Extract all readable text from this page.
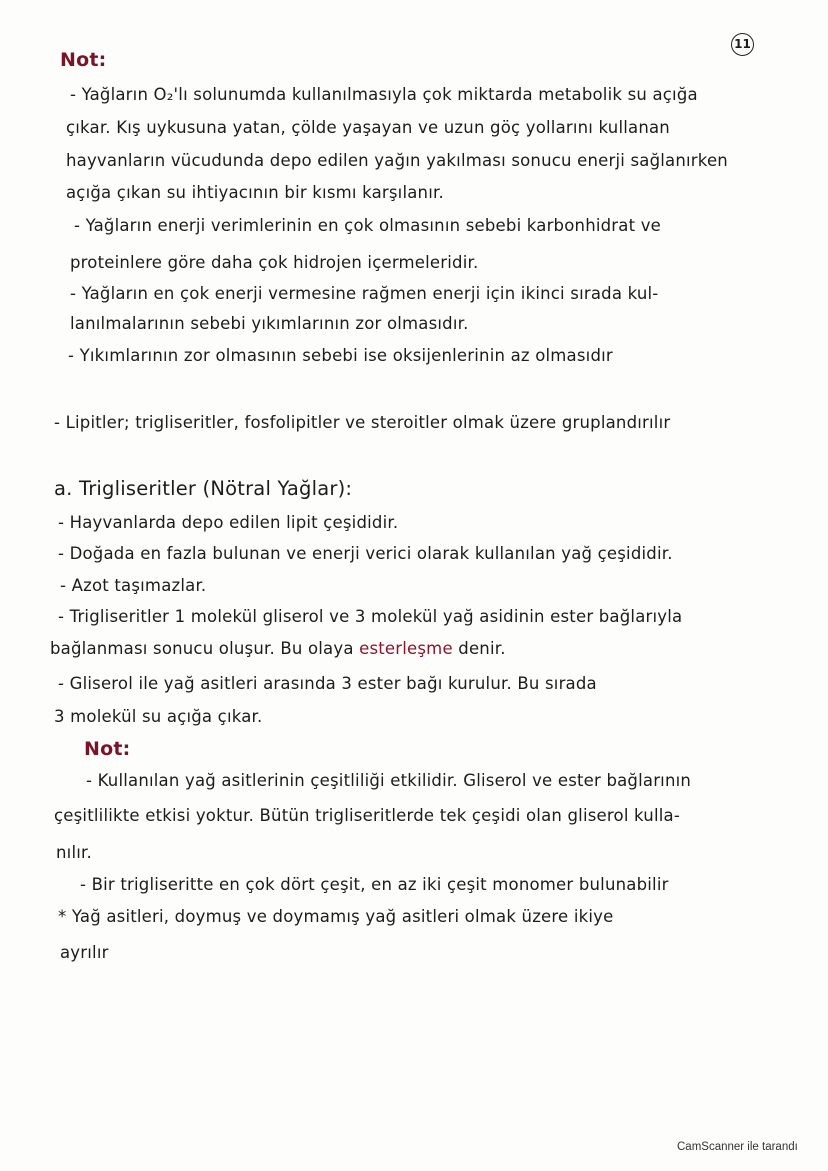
11

Not:

- Yağların O₂'lı solunumda kullanılmasıyla çok miktarda metabolik su açığa

çıkar. Kış uykusuna yatan, çölde yaşayan ve uzun göç yollarını kullanan

hayvanların vücudunda depo edilen yağın yakılması sonucu enerji sağlanırken

açığa çıkan su ihtiyacının bir kısmı karşılanır.

- Yağların enerji verimlerinin en çok olmasının sebebi karbonhidrat ve

proteinlere göre daha çok hidrojen içermeleridir.

- Yağların en çok enerji vermesine rağmen enerji için ikinci sırada kul-

lanılmalarının sebebi yıkımlarının zor olmasıdır.

- Yıkımlarının zor olmasının sebebi ise oksijenlerinin az olmasıdır

- Lipitler; trigliseritler, fosfolipitler ve steroitler olmak üzere gruplandırılır

a. Trigliseritler (Nötral Yağlar):

- Hayvanlarda depo edilen lipit çeşididir.

- Doğada en fazla bulunan ve enerji verici olarak kullanılan yağ çeşididir.

- Azot taşımazlar.

- Trigliseritler 1 molekül gliserol ve 3 molekül yağ asidinin ester bağlarıyla

bağlanması sonucu oluşur. Bu olaya esterleşme denir.

- Gliserol ile yağ asitleri arasında 3 ester bağı kurulur. Bu sırada

3 molekül su açığa çıkar.

Not:

- Kullanılan yağ asitlerinin çeşitliliği etkilidir. Gliserol ve ester bağlarının

çeşitlilikte etkisi yoktur. Bütün trigliseritlerde tek çeşidi olan gliserol kulla-

nılır.

- Bir trigliseritte en çok dört çeşit, en az iki çeşit monomer bulunabilir

* Yağ asitleri, doymuş ve doymamış yağ asitleri olmak üzere ikiye

ayrılır

CamScanner ile tarandı
